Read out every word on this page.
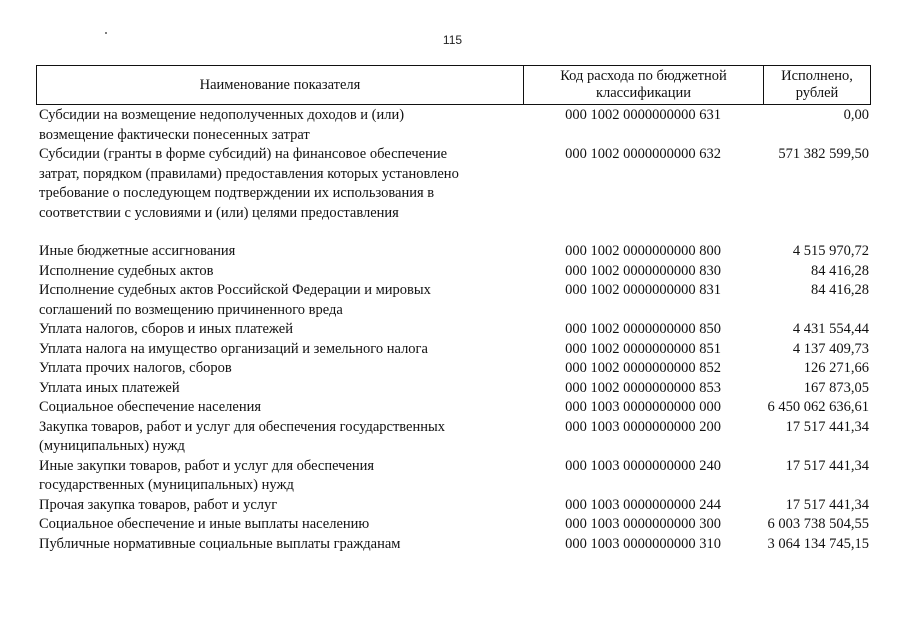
115
Наименование показателя
Код расхода по бюджетной классификации
Исполнено, рублей
Субсидии на возмещение недополученных доходов и (или)
возмещение фактически понесенных затрат
000 1002 0000000000 631	0,00
Субсидии (гранты в форме субсидий) на финансовое обеспечение
затрат, порядком (правилами) предоставления которых установлено
требование о последующем подтверждении их использования в
соответствии с условиями и (или) целями предоставления
000 1002 0000000000 632	571 382 599,50
Иные бюджетные ассигнования	000 1002 0000000000 800	4 515 970,72
Исполнение судебных актов	000 1002 0000000000 830	84 416,28
Исполнение судебных актов Российской Федерации и мировых
соглашений по возмещению причиненного вреда
000 1002 0000000000 831	84 416,28
Уплата налогов, сборов и иных платежей	000 1002 0000000000 850	4 431 554,44
Уплата налога на имущество организаций и земельного налога	000 1002 0000000000 851	4 137 409,73
Уплата прочих налогов, сборов	000 1002 0000000000 852	126 271,66
Уплата иных платежей	000 1002 0000000000 853	167 873,05
Социальное обеспечение населения	000 1003 0000000000 000	6 450 062 636,61
Закупка товаров, работ и услуг для обеспечения государственных
(муниципальных) нужд
000 1003 0000000000 200	17 517 441,34
Иные закупки товаров, работ и услуг для обеспечения
государственных (муниципальных) нужд
000 1003 0000000000 240	17 517 441,34
Прочая закупка товаров, работ и услуг	000 1003 0000000000 244	17 517 441,34
Социальное обеспечение и иные выплаты населению	000 1003 0000000000 300	6 003 738 504,55
Публичные нормативные социальные выплаты гражданам	000 1003 0000000000 310	3 064 134 745,15
